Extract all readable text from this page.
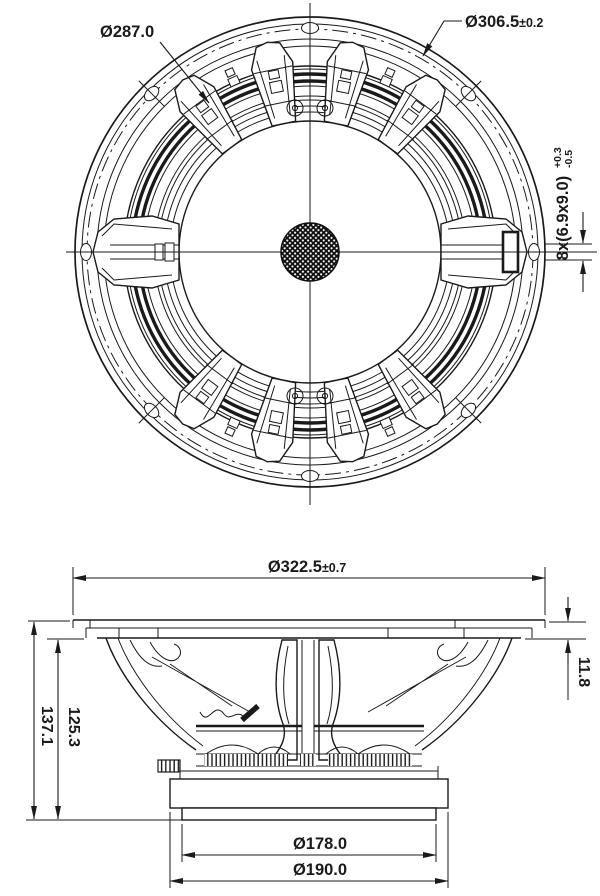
Ø287.0
Ø306.5±0.2
8x(6.9x9.0)
+0.3 -0.5
Ø322.5±0.7
137.1 125.3
11.8
Ø178.0
Ø190.0
